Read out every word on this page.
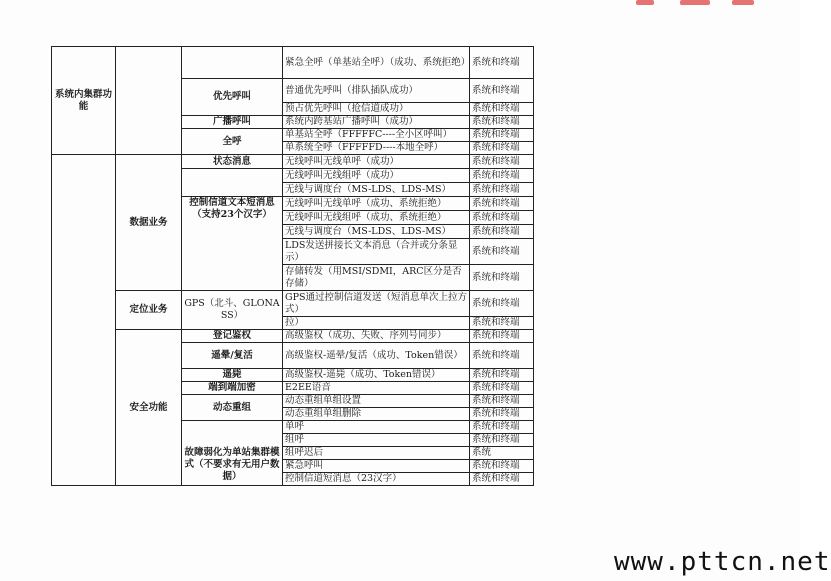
系统内集群功能			紧急全呼（单基站全呼）（成功、系统拒绝）	系统和终端
		优先呼叫	普通优先呼叫（排队插队成功）	系统和终端
			预占优先呼叫（抢信道成功）	系统和终端
		广播呼叫	系统内跨基站广播呼叫（成功）	系统和终端
		全呼	单基站全呼（FFFFFC----全小区呼叫）	系统和终端
			单系统全呼（FFFFFD----本地全呼）	系统和终端
	数据业务	状态消息	无线呼叫无线单呼（成功）	系统和终端
			无线呼叫无线组呼（成功）	系统和终端
			无线与调度台（MS-LDS、LDS-MS）	系统和终端
		控制信道文本短消息（支持23个汉字）	无线呼叫无线单呼（成功、系统拒绝）	系统和终端
			无线呼叫无线组呼（成功、系统拒绝）	系统和终端
			无线与调度台（MS-LDS、LDS-MS）	系统和终端
			LDS发送拼接长文本消息（合并或分条显示）	系统和终端
			存储转发（用MSI/SDMI，ARC区分是否存储）	系统和终端
	定位业务	GPS（北斗、GLONASS）	GPS通过控制信道发送（短消息单次上拉方式）	系统和终端
			拉）	系统和终端
	安全功能	登记鉴权	高级鉴权（成功、失败、序列号同步）	系统和终端
		遥晕/复活	高级鉴权-遥晕/复活（成功、Token错误）	系统和终端
		遥毙	高级鉴权-遥毙（成功、Token错误）	系统和终端
		端到端加密	E2EE语音	系统和终端
		动态重组	动态重组单组设置	系统和终端
			动态重组单组删除	系统和终端
		故障弱化为单站集群模式（不要求有无用户数据）	单呼	系统和终端
			组呼	系统和终端
			组呼迟后	系统
			紧急呼叫	系统和终端
			控制信道短消息（23汉字）	系统和终端
www.pttcn.net
